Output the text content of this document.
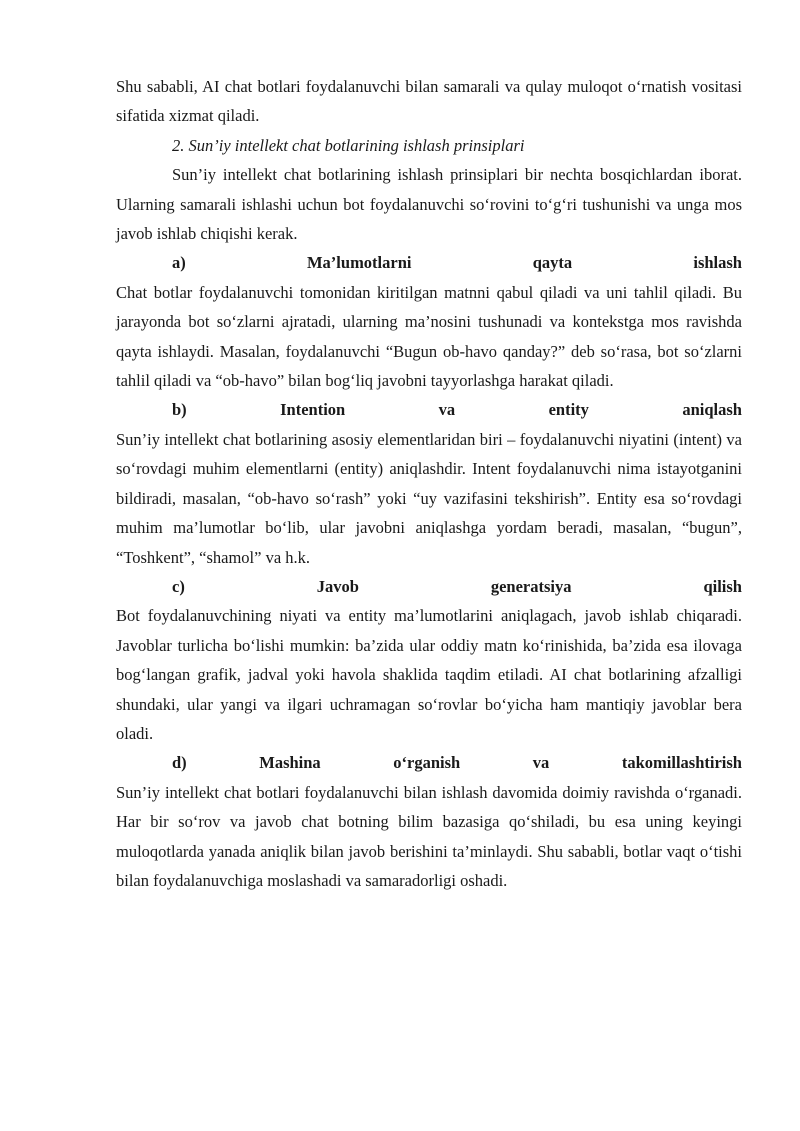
Shu sababli, AI chat botlari foydalanuvchi bilan samarali va qulay muloqot o‘rnatish vositasi sifatida xizmat qiladi.

2. Sun’iy intellekt chat botlarining ishlash prinsiplari

Sun’iy intellekt chat botlarining ishlash prinsiplari bir nechta bosqichlardan iborat. Ularning samarali ishlashi uchun bot foydalanuvchi so‘rovini to‘g‘ri tushunishi va unga mos javob ishlab chiqishi kerak.

a)	Ma’lumotlarni	qayta	ishlash

Chat botlar foydalanuvchi tomonidan kiritilgan matnni qabul qiladi va uni tahlil qiladi. Bu jarayonda bot so‘zlarni ajratadi, ularning ma’nosini tushunadi va kontekstga mos ravishda qayta ishlaydi. Masalan, foydalanuvchi “Bugun ob-havo qanday?” deb so‘rasa, bot so‘zlarni tahlil qiladi va “ob-havo” bilan bog‘liq javobni tayyorlashga harakat qiladi.

b)	Intention	va	entity	aniqlash

Sun’iy intellekt chat botlarining asosiy elementlaridan biri – foydalanuvchi niyatini (intent) va so‘rovdagi muhim elementlarni (entity) aniqlashdir. Intent foydalanuvchi nima istayotganini bildiradi, masalan, “ob-havo so‘rash” yoki “uy vazifasini tekshirish”. Entity esa so‘rovdagi muhim ma’lumotlar bo‘lib, ular javobni aniqlashga yordam beradi, masalan, “bugun”, “Toshkent”, “shamol” va h.k.

c)	Javob	generatsiya	qilish

Bot foydalanuvchining niyati va entity ma’lumotlarini aniqlagach, javob ishlab chiqaradi. Javoblar turlicha bo‘lishi mumkin: ba’zida ular oddiy matn ko‘rinishida, ba’zida esa ilovaga bog‘langan grafik, jadval yoki havola shaklida taqdim etiladi. AI chat botlarining afzalligi shundaki, ular yangi va ilgari uchramagan so‘rovlar bo‘yicha ham mantiqiy javoblar bera oladi.

d)	Mashina	o‘rganish	va	takomillashtirish

Sun’iy intellekt chat botlari foydalanuvchi bilan ishlash davomida doimiy ravishda o‘rganadi. Har bir so‘rov va javob chat botning bilim bazasiga qo‘shiladi, bu esa uning keyingi muloqotlarda yanada aniqlik bilan javob berishini ta’minlaydi. Shu sababli, botlar vaqt o‘tishi bilan foydalanuvchiga moslashadi va samaradorligi oshadi.
